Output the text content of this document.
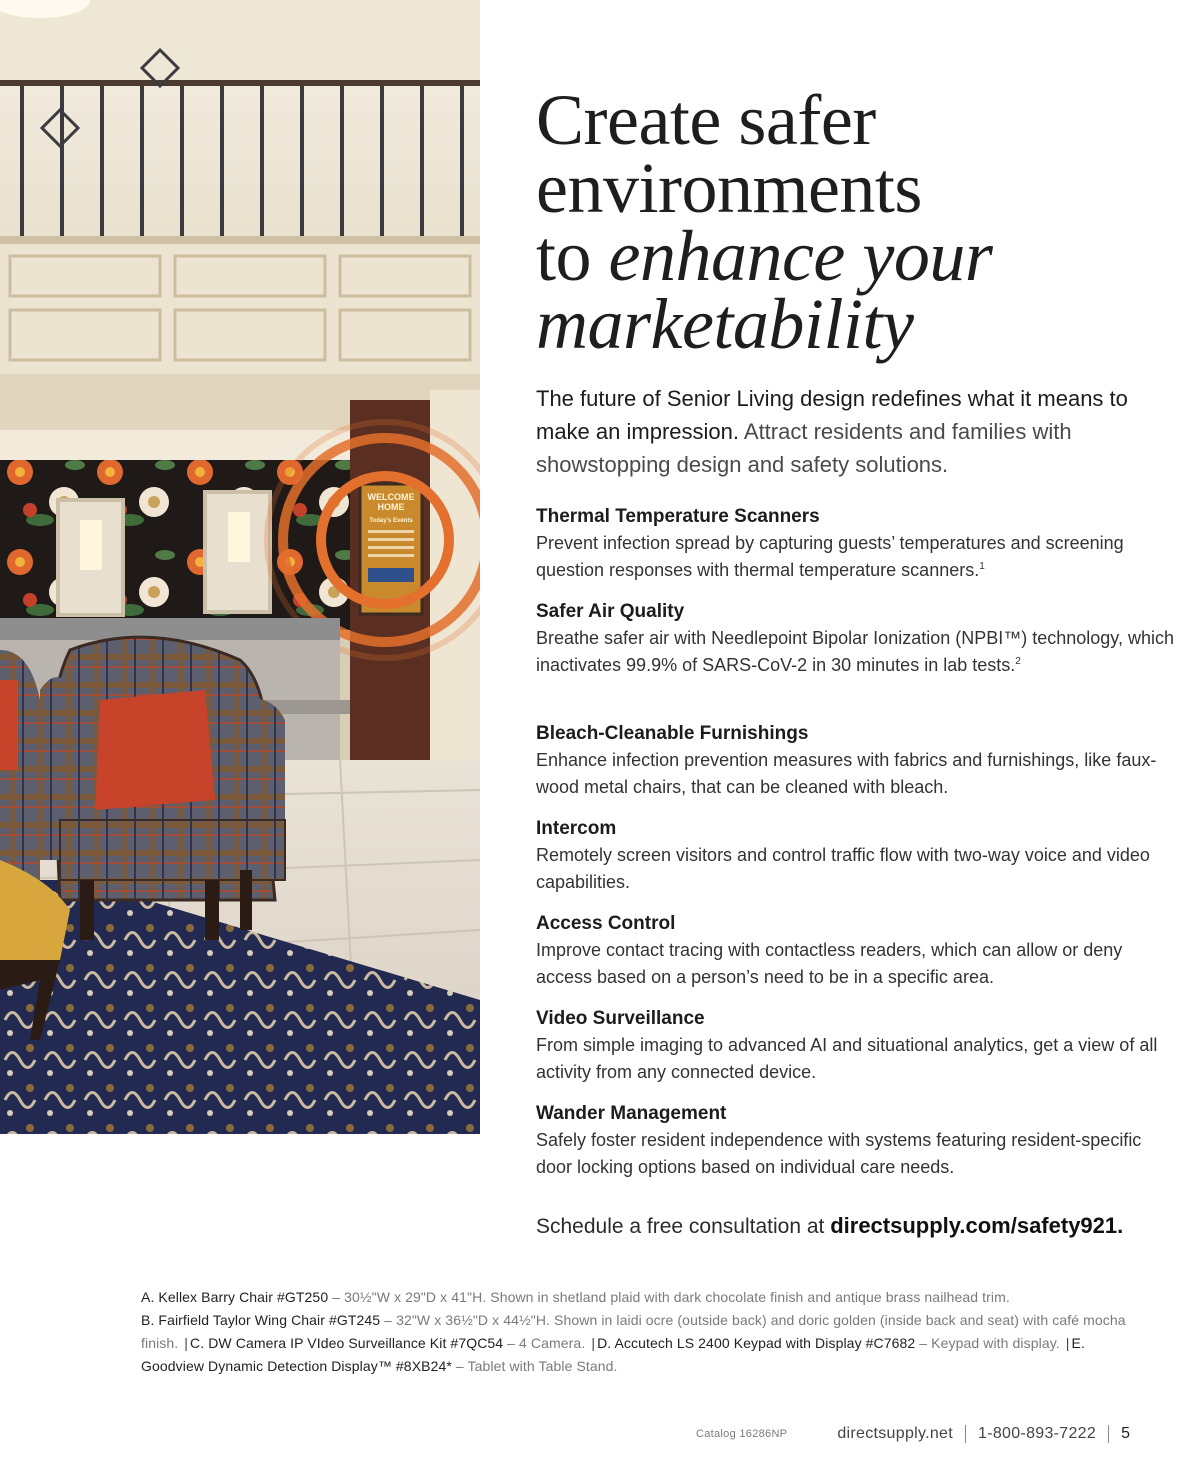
WELCOME
HOME
Today's Events
Create safer
environments
to enhance your
marketability

The future of Senior Living design redefines what it means to make an impression. Attract residents and families with showstopping design and safety solutions.

Thermal Temperature Scanners

Prevent infection spread by capturing guests’ temperatures and screening question responses with thermal temperature scanners.$^1$

Safer Air Quality

Breathe safer air with Needlepoint Bipolar Ionization (NPBI™) technology, which inactivates 99.9% of SARS-CoV-2 in 30 minutes in lab tests.$^2$

Bleach-Cleanable Furnishings

Enhance infection prevention measures with fabrics and furnishings, like faux-wood metal chairs, that can be cleaned with bleach.

Intercom

Remotely screen visitors and control traffic flow with two-way voice and video capabilities.

Access Control

Improve contact tracing with contactless readers, which can allow or deny access based on a person’s need to be in a specific area.

Video Surveillance

From simple imaging to advanced AI and situational analytics, get a view of all activity from any connected device.

Wander Management

Safely foster resident independence with systems featuring resident-specific door locking options based on individual care needs.

Schedule a free consultation at directsupply.com/safety921.

A. Kellex Barry Chair #GT250 – 30½"W x 29"D x 41"H. Shown in shetland plaid with dark chocolate finish and antique brass nailhead trim.
B. Fairfield Taylor Wing Chair #GT245 – 32"W x 36½"D x 44½"H. Shown in laidi ocre (outside back) and doric golden (inside back and seat) with café mocha finish. | C. DW Camera IP VIdeo Surveillance Kit #7QC54 – 4 Camera. | D. Accutech LS 2400 Keypad with Display #C7682 – Keypad with display. | E. Goodview Dynamic Detection Display™ #8XB24* – Tablet with Table Stand.

Catalog 16286NP	directsupply.net 1-800-893-7222 5
